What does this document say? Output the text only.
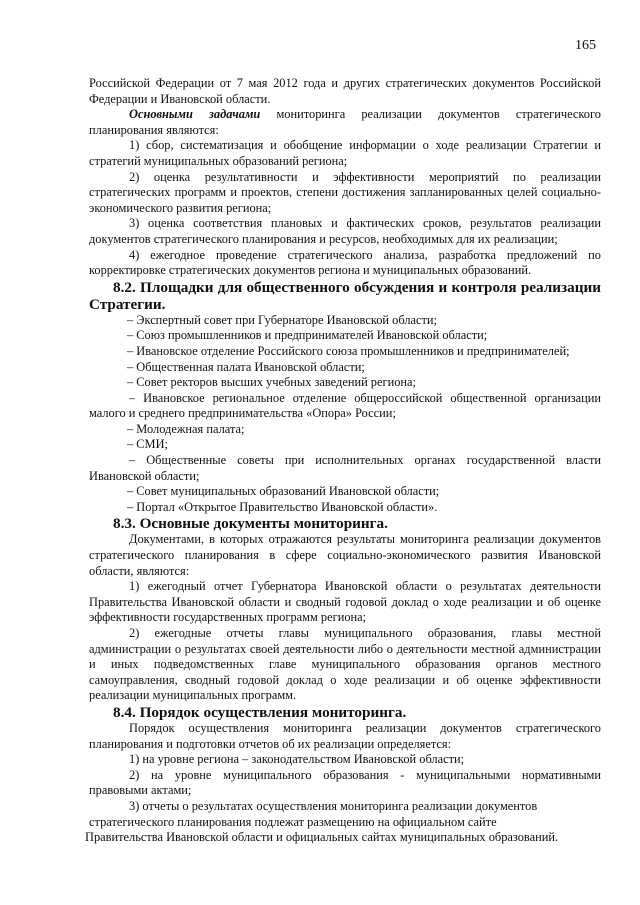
165

Российской Федерации от 7 мая 2012 года и других стратегических документов Российской Федерации и Ивановской области.

Основными задачами мониторинга реализации документов стратегического планирования являются:

1) сбор, систематизация и обобщение информации о ходе реализации Стратегии и стратегий муниципальных образований региона;

2) оценка результативности и эффективности мероприятий по реализации стратегических программ и проектов, степени достижения запланированных целей социально-экономического развития региона;

3) оценка соответствия плановых и фактических сроков, результатов реализации документов стратегического планирования и ресурсов, необходимых для их реализации;

4) ежегодное проведение стратегического анализа, разработка предложений по корректировке стратегических документов региона и муниципальных образований.

8.2. Площадки для общественного обсуждения и контроля реализации Стратегии.

– Экспертный совет при Губернаторе Ивановской области;

– Союз промышленников и предпринимателей Ивановской области;

– Ивановское отделение Российского союза промышленников и предпринимателей;

– Общественная палата Ивановской области;

– Совет ректоров высших учебных заведений региона;

– Ивановское региональное отделение общероссийской общественной организации малого и среднего предпринимательства «Опора» России;

– Молодежная палата;

– СМИ;

– Общественные советы при исполнительных органах государственной власти Ивановской области;

– Совет муниципальных образований Ивановской области;

– Портал «Открытое Правительство Ивановской области».

8.3. Основные документы мониторинга.

Документами, в которых отражаются результаты мониторинга реализации документов стратегического планирования в сфере социально-экономического развития Ивановской области, являются:

1) ежегодный отчет Губернатора Ивановской области о результатах деятельности Правительства Ивановской области и сводный годовой доклад о ходе реализации и об оценке эффективности государственных программ региона;

2) ежегодные отчеты главы муниципального образования, главы местной администрации о результатах своей деятельности либо о деятельности местной администрации и иных подведомственных главе муниципального образования органов местного самоуправления, сводный годовой доклад о ходе реализации и об оценке эффективности реализации муниципальных программ.

8.4. Порядок осуществления мониторинга.

Порядок осуществления мониторинга реализации документов стратегического планирования и подготовки отчетов об их реализации определяется:

1) на уровне региона – законодательством Ивановской области;

2) на уровне муниципального образования - муниципальными нормативными правовыми актами;

3) отчеты о результатах осуществления мониторинга реализации документов

стратегического планирования подлежат размещению на официальном сайте

Правительства Ивановской области и официальных сайтах муниципальных образований.
